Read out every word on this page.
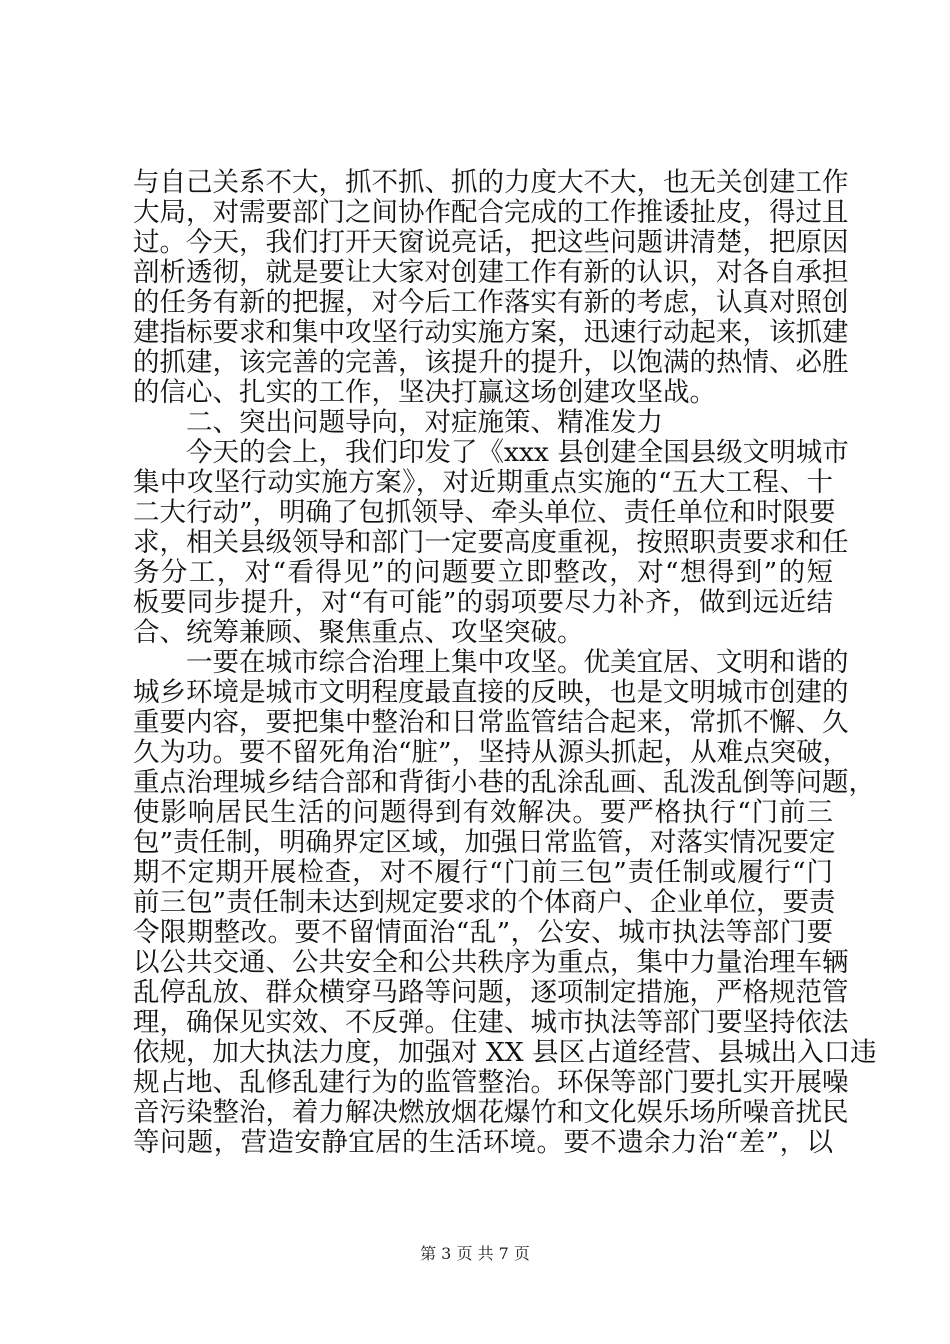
与自己关系不大，抓不抓、抓的力度大不大，也无关创建工作
大局，对需要部门之间协作配合完成的工作推诿扯皮，得过且
过。今天，我们打开天窗说亮话，把这些问题讲清楚，把原因
剖析透彻，就是要让大家对创建工作有新的认识，对各自承担
的任务有新的把握，对今后工作落实有新的考虑，认真对照创
建指标要求和集中攻坚行动实施方案，迅速行动起来，该抓建
的抓建，该完善的完善，该提升的提升，以饱满的热情、必胜
的信心、扎实的工作，坚决打赢这场创建攻坚战。
二、突出问题导向，对症施策、精准发力
今天的会上，我们印发了《xxx 县创建全国县级文明城市
集中攻坚行动实施方案》，对近期重点实施的“五大工程、十
二大行动”，明确了包抓领导、牵头单位、责任单位和时限要
求，相关县级领导和部门一定要高度重视，按照职责要求和任
务分工，对“看得见”的问题要立即整改，对“想得到”的短
板要同步提升，对“有可能”的弱项要尽力补齐，做到远近结
合、统筹兼顾、聚焦重点、攻坚突破。
一要在城市综合治理上集中攻坚。优美宜居、文明和谐的
城乡环境是城市文明程度最直接的反映，也是文明城市创建的
重要内容，要把集中整治和日常监管结合起来，常抓不懈、久
久为功。要不留死角治“脏”，坚持从源头抓起，从难点突破，
重点治理城乡结合部和背街小巷的乱涂乱画、乱泼乱倒等问题，
使影响居民生活的问题得到有效解决。要严格执行“门前三
包”责任制，明确界定区域，加强日常监管，对落实情况要定
期不定期开展检查，对不履行“门前三包”责任制或履行“门
前三包”责任制未达到规定要求的个体商户、企业单位，要责
令限期整改。要不留情面治“乱”，公安、城市执法等部门要
以公共交通、公共安全和公共秩序为重点，集中力量治理车辆
乱停乱放、群众横穿马路等问题，逐项制定措施，严格规范管
理，确保见实效、不反弹。住建、城市执法等部门要坚持依法
依规，加大执法力度，加强对 XX 县区占道经营、县城出入口违
规占地、乱修乱建行为的监管整治。环保等部门要扎实开展噪
音污染整治，着力解决燃放烟花爆竹和文化娱乐场所噪音扰民
等问题，营造安静宜居的生活环境。要不遗余力治“差”，以
第 3 页 共 7 页
